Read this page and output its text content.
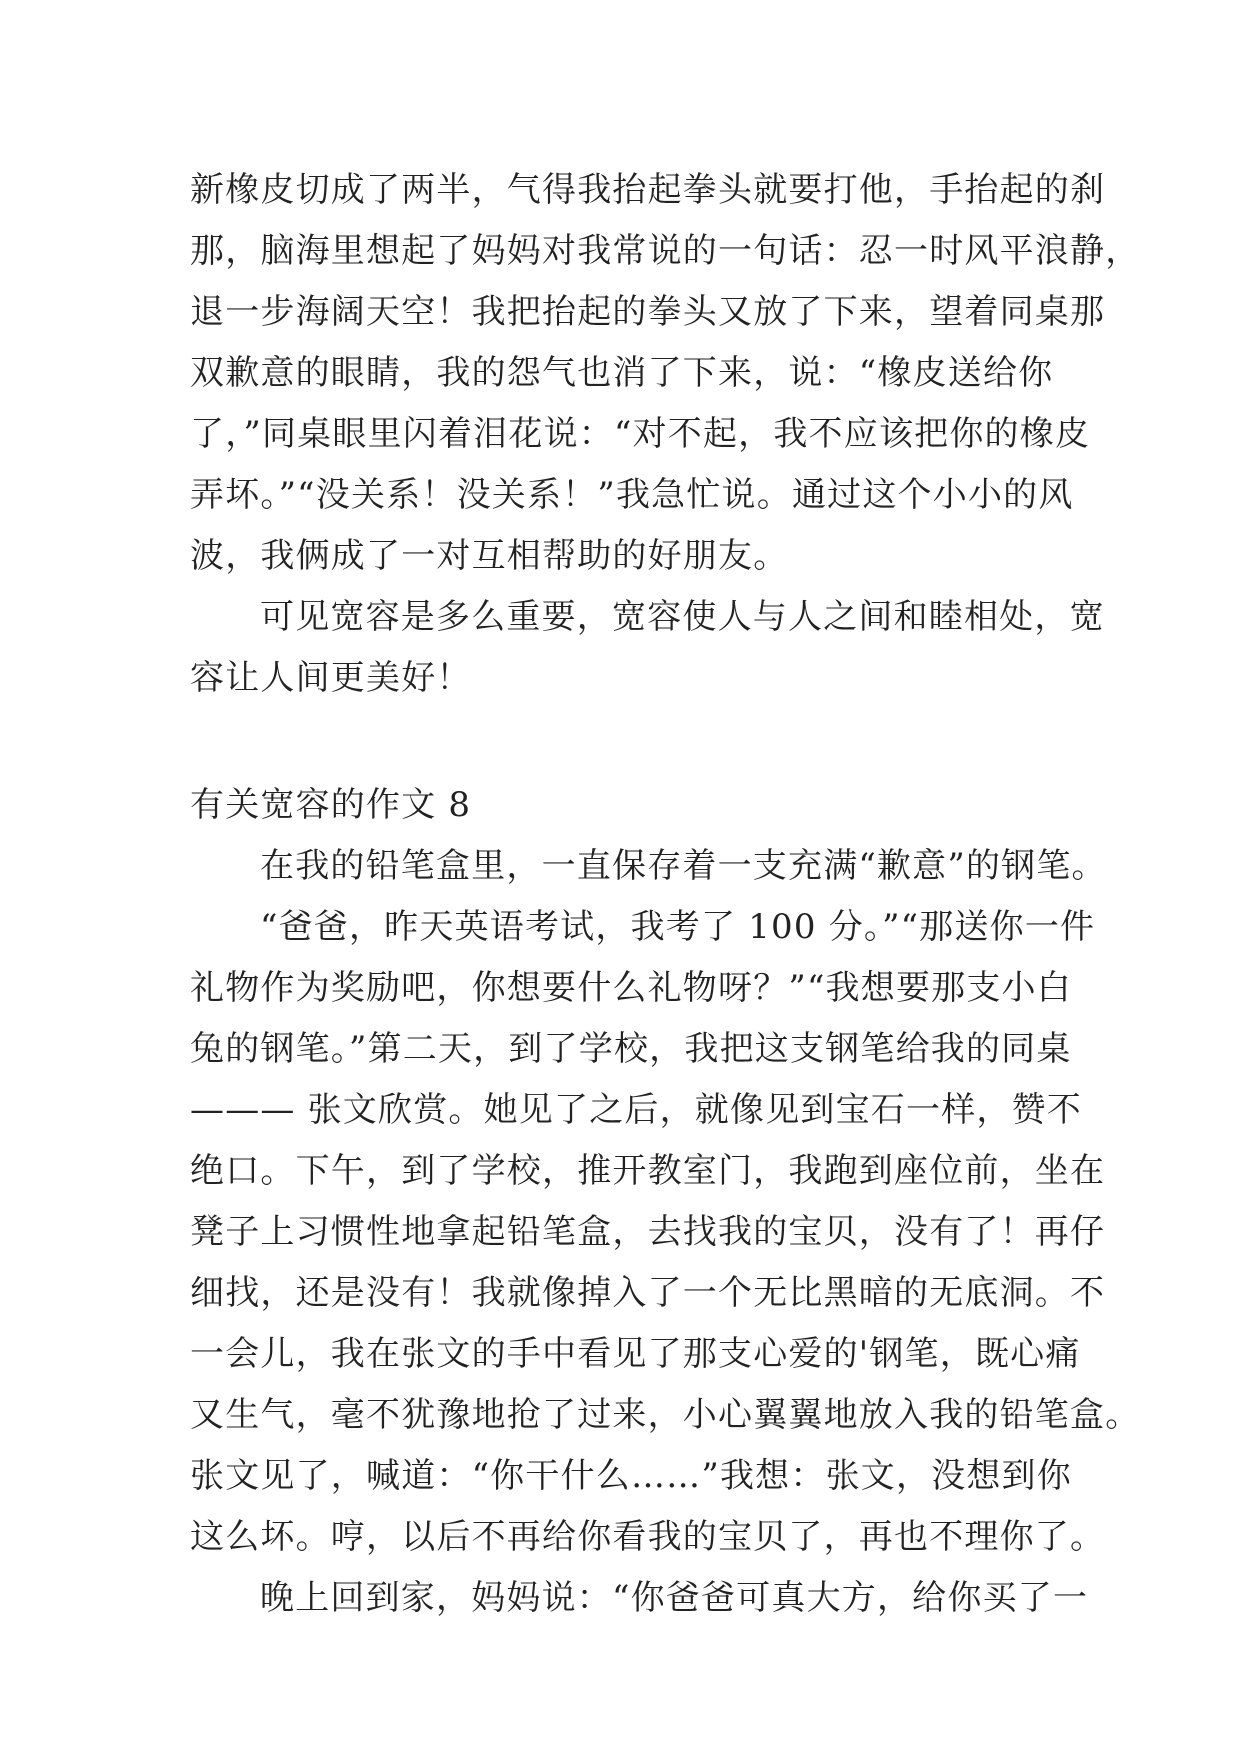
新橡皮切成了两半，气得我抬起拳头就要打他，手抬起的刹
那，脑海里想起了妈妈对我常说的一句话：忍一时风平浪静，
退一步海阔天空！我把抬起的拳头又放了下来，望着同桌那
双歉意的眼睛，我的怨气也消了下来，说：“橡皮送给你
了，”同桌眼里闪着泪花说：“对不起，我不应该把你的橡皮
弄坏。”“没关系！没关系！”我急忙说。通过这个小小的风
波，我俩成了一对互相帮助的好朋友。
可见宽容是多么重要，宽容使人与人之间和睦相处，宽
容让人间更美好！
有关宽容的作文 8
在我的铅笔盒里，一直保存着一支充满“歉意”的钢笔。
“爸爸，昨天英语考试，我考了 100 分。”“那送你一件
礼物作为奖励吧，你想要什么礼物呀？”“我想要那支小白
兔的钢笔。”第二天，到了学校，我把这支钢笔给我的同桌
——— 张文欣赏。她见了之后，就像见到宝石一样，赞不
绝口。下午，到了学校，推开教室门，我跑到座位前，坐在
凳子上习惯性地拿起铅笔盒，去找我的宝贝，没有了！再仔
细找，还是没有！我就像掉入了一个无比黑暗的无底洞。不
一会儿，我在张文的手中看见了那支心爱的'钢笔，既心痛
又生气，毫不犹豫地抢了过来，小心翼翼地放入我的铅笔盒。
张文见了，喊道：“你干什么……”我想：张文，没想到你
这么坏。哼，以后不再给你看我的宝贝了，再也不理你了。
晚上回到家，妈妈说：“你爸爸可真大方，给你买了一
